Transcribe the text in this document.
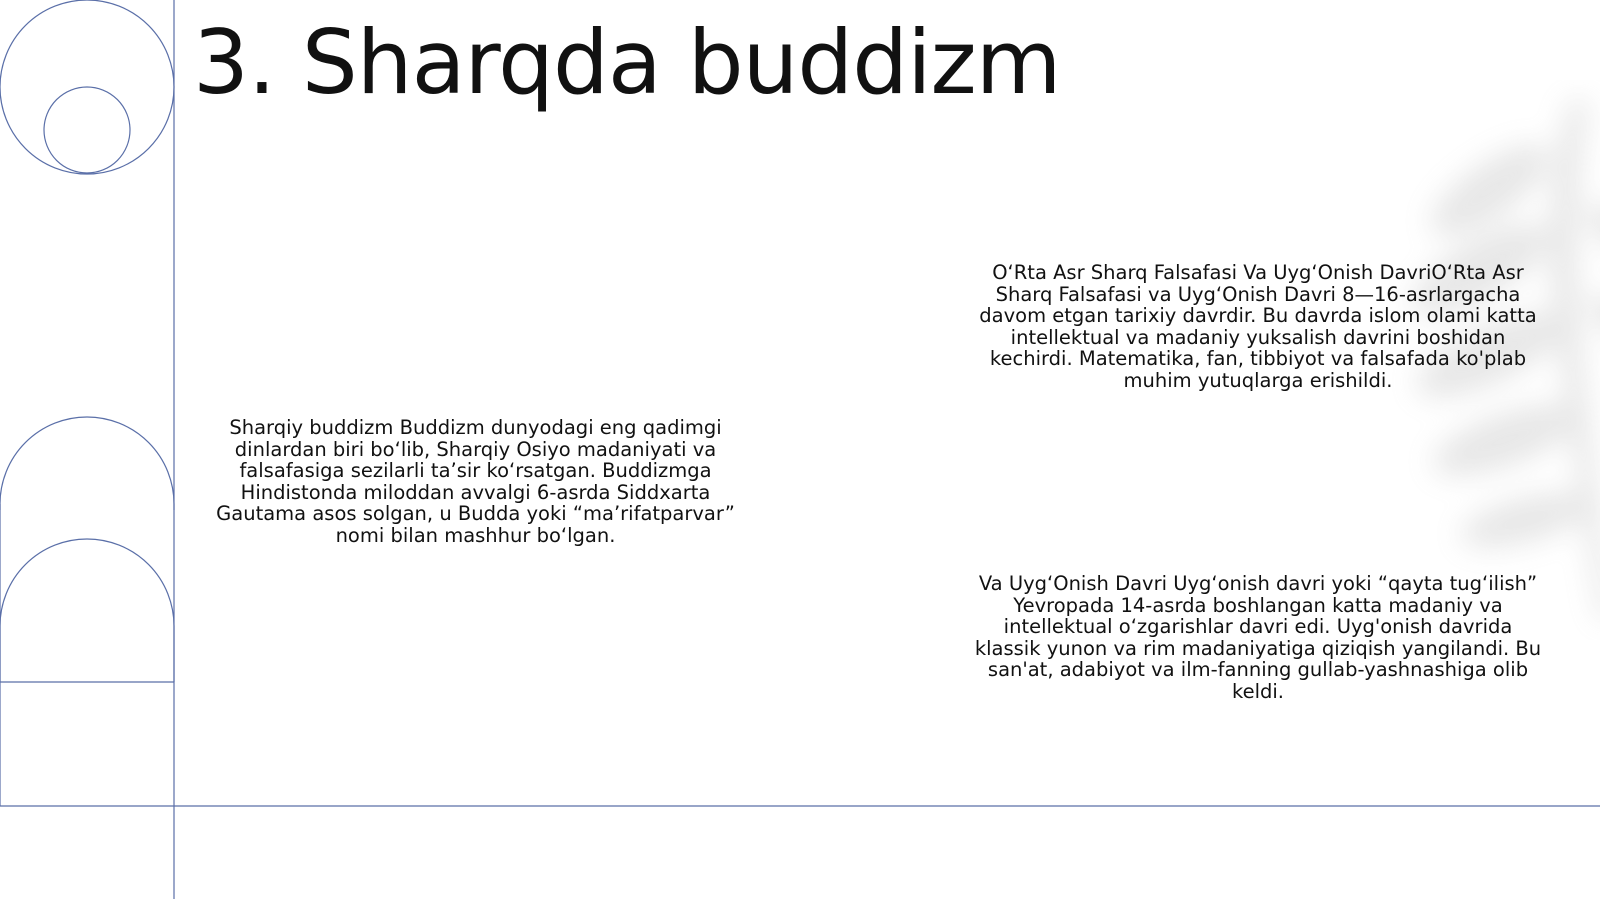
3. Sharqda buddizm

Sharqiy buddizm Buddizm dunyodagi eng qadimgi dinlardan biri bo‘lib, Sharqiy Osiyo madaniyati va falsafasiga sezilarli ta’sir ko‘rsatgan. Buddizmga Hindistonda miloddan avvalgi 6-asrda Siddxarta Gautama asos solgan, u Budda yoki “ma’rifatparvar” nomi bilan mashhur bo‘lgan.

O‘Rta Asr Sharq Falsafasi Va Uyg‘Onish DavriO‘Rta Asr Sharq Falsafasi va Uyg‘Onish Davri 8—16-asrlargacha davom etgan tarixiy davrdir. Bu davrda islom olami katta intellektual va madaniy yuksalish davrini boshidan kechirdi. Matematika, fan, tibbiyot va falsafada ko'plab muhim yutuqlarga erishildi.

Va Uyg‘Onish Davri Uyg‘onish davri yoki “qayta tug‘ilish” Yevropada 14-asrda boshlangan katta madaniy va intellektual o‘zgarishlar davri edi. Uyg'onish davrida klassik yunon va rim madaniyatiga qiziqish yangilandi. Bu san'at, adabiyot va ilm-fanning gullab-yashnashiga olib keldi.
